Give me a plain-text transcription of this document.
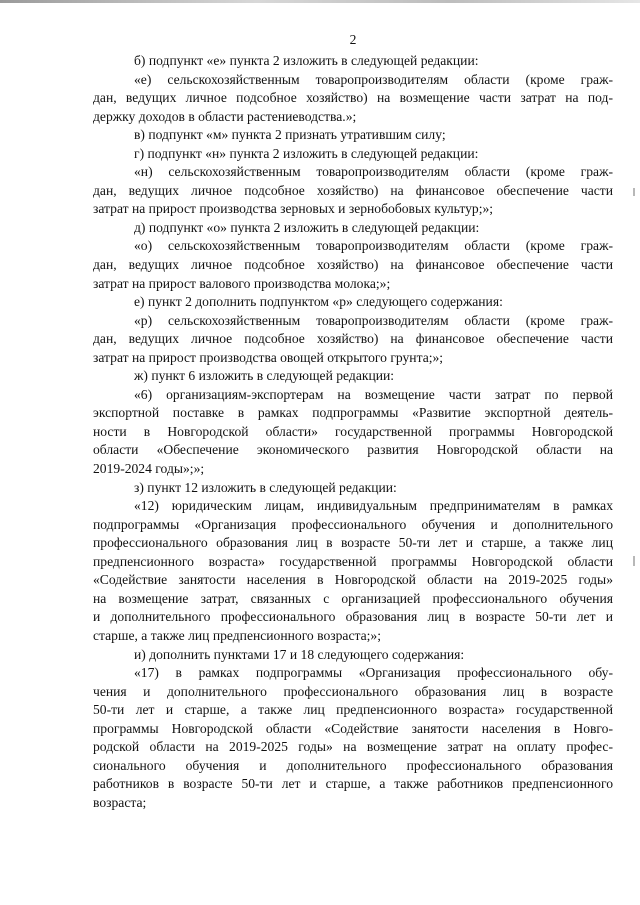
2
б) подпункт «е» пункта 2 изложить в следующей редакции:
«е) сельскохозяйственным товаропроизводителям области (кроме граж-
дан, ведущих личное подсобное хозяйство) на возмещение части затрат на под-
держку доходов в области растениеводства.»;
в) подпункт «м» пункта 2 признать утратившим силу;
г) подпункт «н» пункта 2 изложить в следующей редакции:
«н) сельскохозяйственным товаропроизводителям области (кроме граж-
дан, ведущих личное подсобное хозяйство) на финансовое обеспечение части
затрат на прирост производства зерновых и зернобобовых культур;»;
д) подпункт «о» пункта 2 изложить в следующей редакции:
«о) сельскохозяйственным товаропроизводителям области (кроме граж-
дан, ведущих личное подсобное хозяйство) на финансовое обеспечение части
затрат на прирост валового производства молока;»;
е) пункт 2 дополнить подпунктом «р» следующего содержания:
«р) сельскохозяйственным товаропроизводителям области (кроме граж-
дан, ведущих личное подсобное хозяйство) на финансовое обеспечение части
затрат на прирост производства овощей открытого грунта;»;
ж) пункт 6 изложить в следующей редакции:
«6) организациям-экспортерам на возмещение части затрат по первой
экспортной поставке в рамках подпрограммы «Развитие экспортной деятель-
ности в Новгородской области» государственной программы Новгородской
области «Обеспечение экономического развития Новгородской области на
2019-2024 годы»;»;
з) пункт 12 изложить в следующей редакции:
«12) юридическим лицам, индивидуальным предпринимателям в рамках
подпрограммы «Организация профессионального обучения и дополнительного
профессионального образования лиц в возрасте 50-ти лет и старше, а также лиц
предпенсионного возраста» государственной программы Новгородской области
«Содействие занятости населения в Новгородской области на 2019-2025 годы»
на возмещение затрат, связанных с организацией профессионального обучения
и дополнительного профессионального образования лиц в возрасте 50-ти лет и
старше, а также лиц предпенсионного возраста;»;
и) дополнить пунктами 17 и 18 следующего содержания:
«17) в рамках подпрограммы «Организация профессионального обу-
чения и дополнительного профессионального образования лиц в возрасте
50-ти лет и старше, а также лиц предпенсионного возраста» государственной
программы Новгородской области «Содействие занятости населения в Новго-
родской области на 2019-2025 годы» на возмещение затрат на оплату профес-
сионального обучения и дополнительного профессионального образования
работников в возрасте 50-ти лет и старше, а также работников предпенсионного
возраста;
